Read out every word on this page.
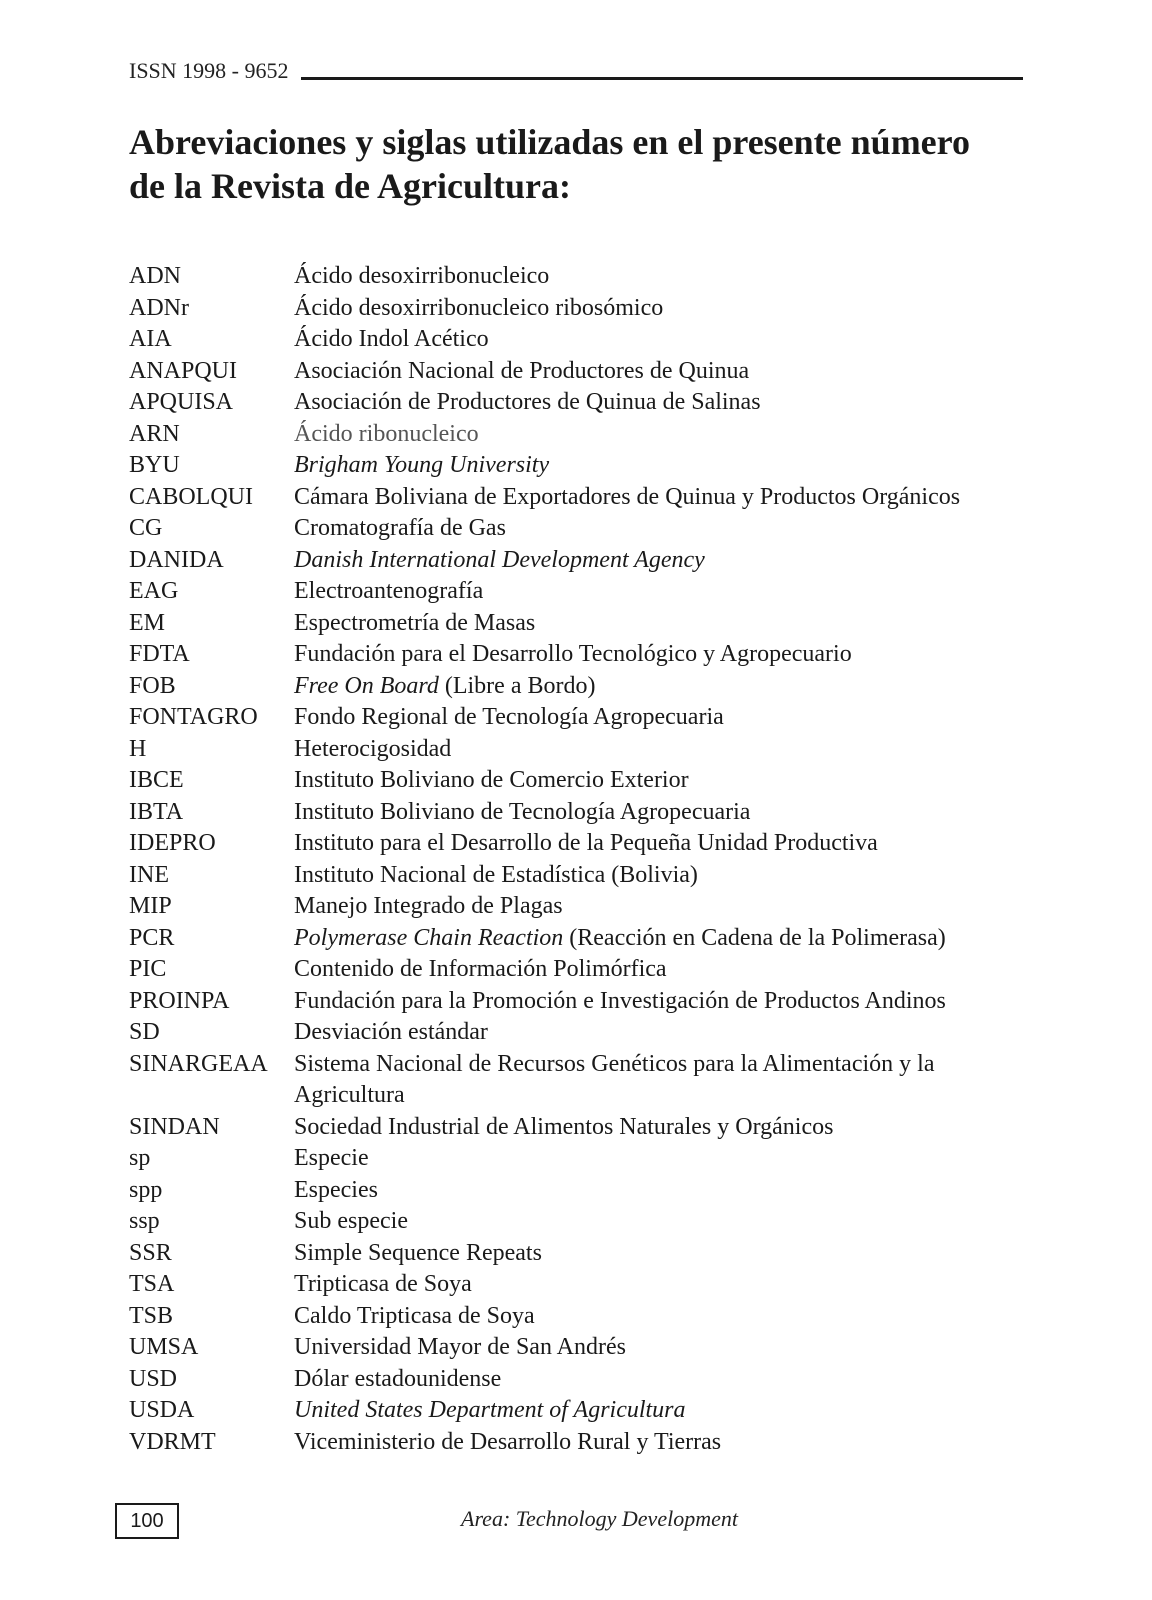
ISSN 1998 - 9652
Abreviaciones y siglas utilizadas en el presente número
de la Revista de Agricultura:
ADN	Ácido desoxirribonucleico
ADNr	Ácido desoxirribonucleico ribosómico
AIA	Ácido Indol Acético
ANAPQUI	Asociación Nacional de Productores de Quinua
APQUISA	Asociación de Productores de Quinua de Salinas
ARN	Ácido ribonucleico
BYU	Brigham Young University
CABOLQUI	Cámara Boliviana de Exportadores de Quinua y Productos Orgánicos
CG	Cromatografía de Gas
DANIDA	Danish International Development Agency
EAG	Electroantenografía
EM	Espectrometría de Masas
FDTA	Fundación para el Desarrollo Tecnológico y Agropecuario
FOB	Free On Board (Libre a Bordo)
FONTAGRO	Fondo Regional de Tecnología Agropecuaria
H	Heterocigosidad
IBCE	Instituto Boliviano de Comercio Exterior
IBTA	Instituto Boliviano de Tecnología Agropecuaria
IDEPRO	Instituto para el Desarrollo de la Pequeña Unidad Productiva
INE	Instituto Nacional de Estadística (Bolivia)
MIP	Manejo Integrado de Plagas
PCR	Polymerase Chain Reaction (Reacción en Cadena de la Polimerasa)
PIC	Contenido de Información Polimórfica
PROINPA	Fundación para la Promoción e Investigación de Productos Andinos
SD	Desviación estándar
SINARGEAA	Sistema Nacional de Recursos Genéticos para la Alimentación y la Agricultura
SINDAN	Sociedad Industrial de Alimentos Naturales y Orgánicos
sp	Especie
spp	Especies
ssp	Sub especie
SSR	Simple Sequence Repeats
TSA	Tripticasa de Soya
TSB	Caldo Tripticasa de Soya
UMSA	Universidad Mayor de San Andrés
USD	Dólar estadounidense
USDA	United States Department of Agricultura
VDRMT	Viceministerio de Desarrollo Rural y Tierras
100	Area: Technology Development
